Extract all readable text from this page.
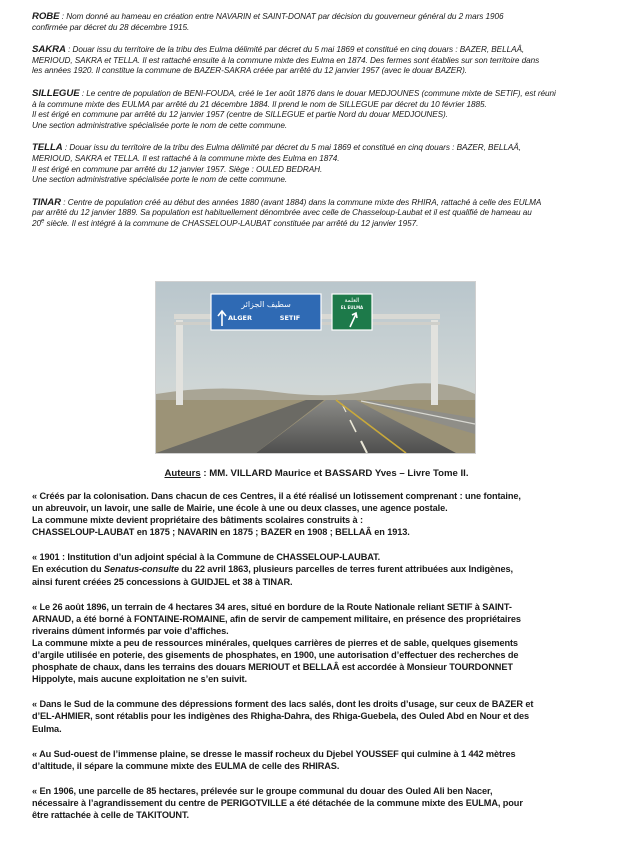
ROBE : Nom donné au hameau en création entre NAVARIN et SAINT-DONAT par décision du gouverneur général du 2 mars 1906
confirmée par décret du 28 décembre 1915.

SAKRA : Douar issu du territoire de la tribu des Eulma délimité par décret du 5 mai 1869 et constitué en cinq douars : BAZER, BELLAÂ,
MERIOUD, SAKRA et TELLA. Il est rattaché ensuite à la commune mixte des Eulma en 1874. Des fermes sont établies sur son territoire dans
les années 1920. Il constitue la commune de BAZER-SAKRA créée par arrêté du 12 janvier 1957 (avec le douar BAZER).

SILLEGUE : Le centre de population de BENI-FOUDA, créé le 1er août 1876 dans le douar MEDJOUNES (commune mixte de SETIF), est réuni
à la commune mixte des EULMA par arrêté du 21 décembre 1884. Il prend le nom de SILLEGUE par décret du 10 février 1885.
Il est érigé en commune par arrêté du 12 janvier 1957 (centre de SILLEGUE et partie Nord du douar MEDJOUNES).
Une section administrative spécialisée porte le nom de cette commune.

TELLA : Douar issu du territoire de la tribu des Eulma délimité par décret du 5 mai 1869 et constitué en cinq douars : BAZER, BELLAÂ,
MERIOUD, SAKRA et TELLA. Il est rattaché à la commune mixte des Eulma en 1874.
Il est érigé en commune par arrêté du 12 janvier 1957. Siège : OULED BEDRAH.
Une section administrative spécialisée porte le nom de cette commune.

TINAR : Centre de population créé au début des années 1880 (avant 1884) dans la commune mixte des RHIRA, rattaché à celle des EULMA
par arrêté du 12 janvier 1889. Sa population est habituellement dénombrée avec celle de Chasseloup-Laubat et il est qualifié de hameau au
20e siècle. Il est intégré à la commune de CHASSELOUP-LAUBAT constituée par arrêté du 12 janvier 1957.

سطيف الجزائر
ALGER	SETIF
العلمة
EL EULMA
Auteurs : MM. VILLARD Maurice et BASSARD Yves – Livre Tome II.

« Créés par la colonisation. Dans chacun de ces Centres, il a été réalisé un lotissement comprenant : une fontaine,
un abreuvoir, un lavoir, une salle de Mairie, une école à une ou deux classes, une agence postale.
La commune mixte devient propriétaire des bâtiments scolaires construits à :
CHASSELOUP-LAUBAT en 1875 ; NAVARIN en 1875 ; BAZER en 1908 ; BELLAÂ en 1913.

« 1901 : Institution d’un adjoint spécial à la Commune de CHASSELOUP-LAUBAT.
En exécution du Senatus-consulte du 22 avril 1863, plusieurs parcelles de terres furent attribuées aux Indigènes,
ainsi furent créées 25 concessions à GUIDJEL et 38 à TINAR.

« Le 26 août 1896, un terrain de 4 hectares 34 ares, situé en bordure de la Route Nationale reliant SETIF à SAINT-
ARNAUD, a été borné à FONTAINE-ROMAINE, afin de servir de campement militaire, en présence des propriétaires
riverains dûment informés par voie d’affiches.
La commune mixte a peu de ressources minérales, quelques carrières de pierres et de sable, quelques gisements
d’argile utilisée en poterie, des gisements de phosphates, en 1900, une autorisation d’effectuer des recherches de
phosphate de chaux, dans les terrains des douars MERIOUT et BELLAÂ est accordée à Monsieur TOURDONNET
Hippolyte, mais aucune exploitation ne s’en suivit.

« Dans le Sud de la commune des dépressions forment des lacs salés, dont les droits d’usage, sur ceux de BAZER et
d’EL-AHMIER, sont rétablis pour les indigènes des Rhigha-Dahra, des Rhiga-Guebela, des Ouled Abd en Nour et des
Eulma.

« Au Sud-ouest de l’immense plaine, se dresse le massif rocheux du Djebel YOUSSEF qui culmine à 1 442 mètres
d’altitude, il sépare la commune mixte des EULMA de celle des RHIRAS.

« En 1906, une parcelle de 85 hectares, prélevée sur le groupe communal du douar des Ouled Ali ben Nacer,
nécessaire à l’agrandissement du centre de PERIGOTVILLE a été détachée de la commune mixte des EULMA, pour
être rattachée à celle de TAKITOUNT.
